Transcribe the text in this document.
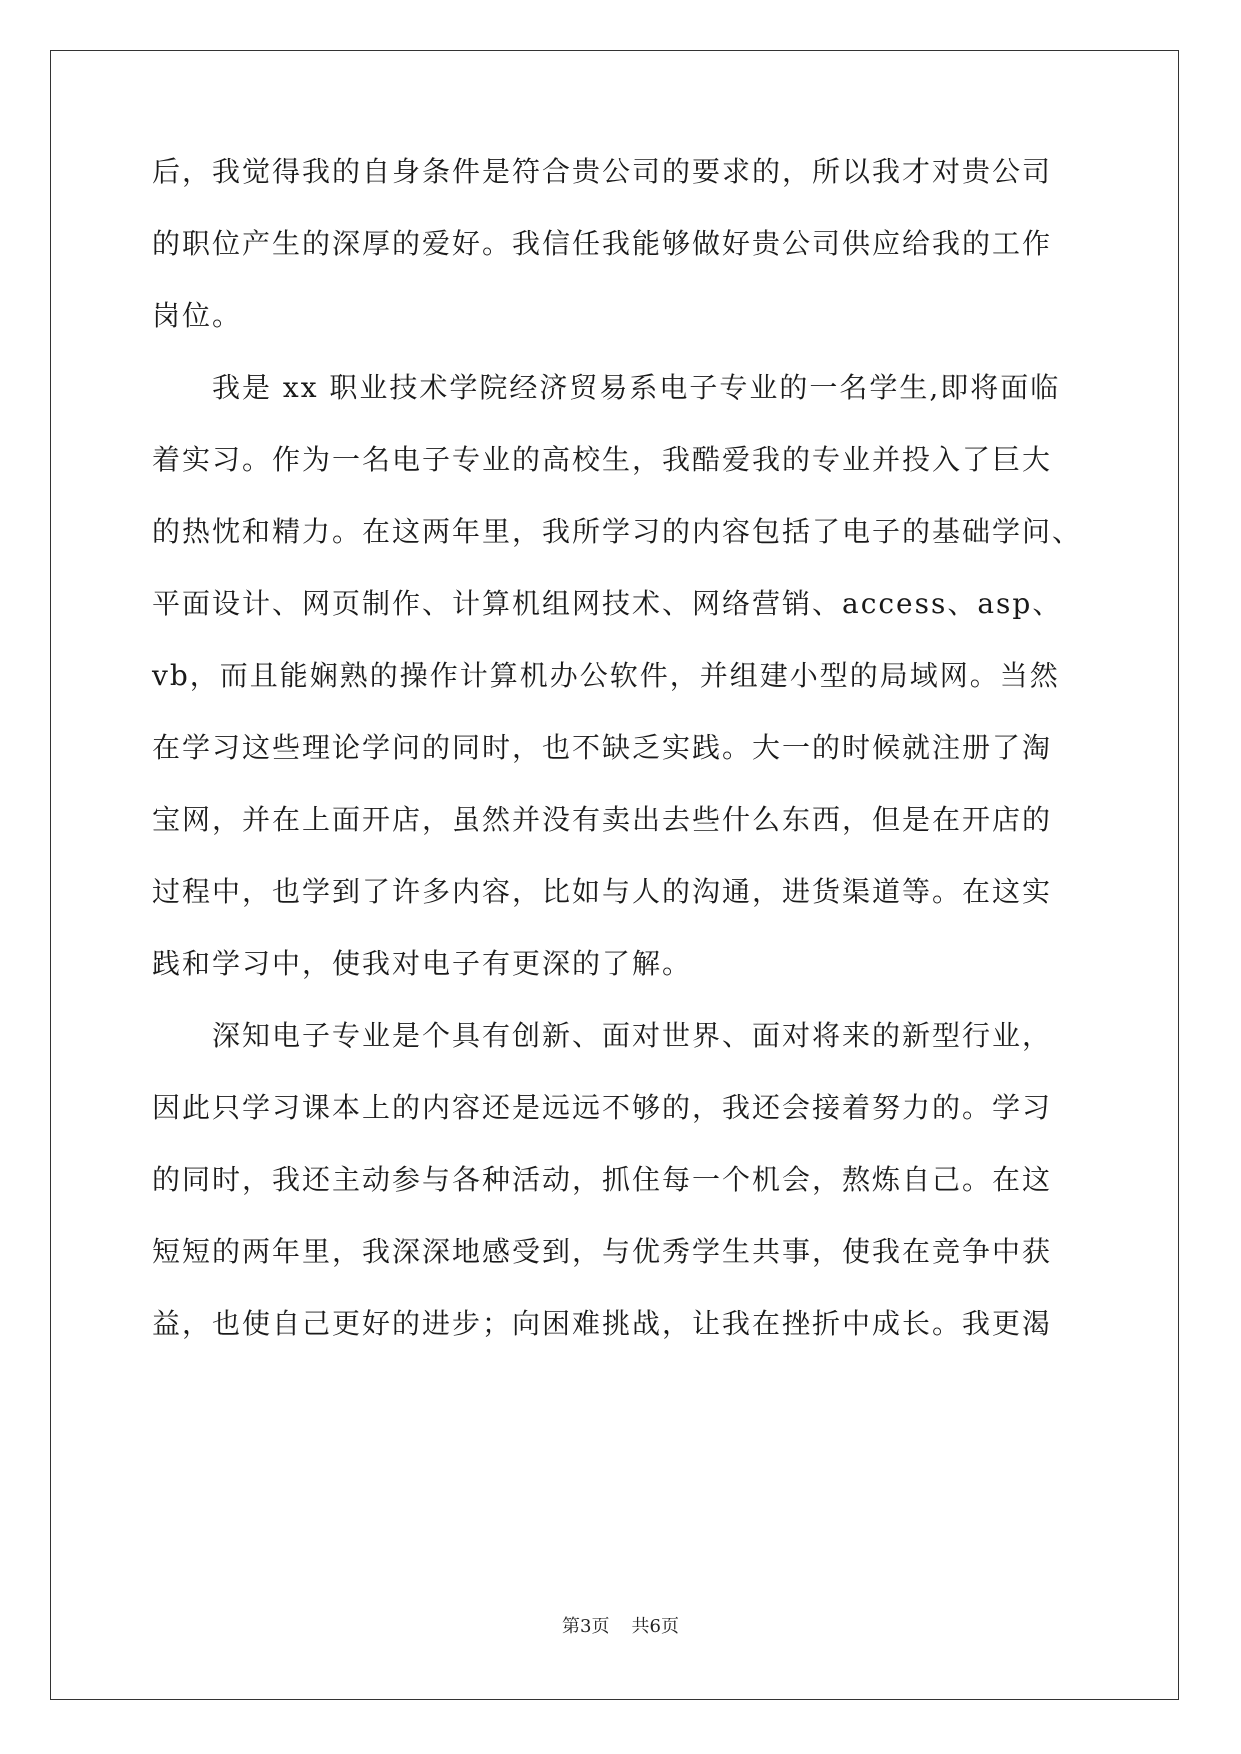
后，我觉得我的自身条件是符合贵公司的要求的，所以我才对贵公司
的职位产生的深厚的爱好。我信任我能够做好贵公司供应给我的工作
岗位。
　　我是 xx 职业技术学院经济贸易系电子专业的一名学生,即将面临
着实习。作为一名电子专业的高校生，我酷爱我的专业并投入了巨大
的热忱和精力。在这两年里，我所学习的内容包括了电子的基础学问、
平面设计、网页制作、计算机组网技术、网络营销、access、asp、
vb，而且能娴熟的操作计算机办公软件，并组建小型的局域网。当然
在学习这些理论学问的同时，也不缺乏实践。大一的时候就注册了淘
宝网，并在上面开店，虽然并没有卖出去些什么东西，但是在开店的
过程中，也学到了许多内容，比如与人的沟通，进货渠道等。在这实
践和学习中，使我对电子有更深的了解。
　　深知电子专业是个具有创新、面对世界、面对将来的新型行业，
因此只学习课本上的内容还是远远不够的，我还会接着努力的。学习
的同时，我还主动参与各种活动，抓住每一个机会，熬炼自己。在这
短短的两年里，我深深地感受到，与优秀学生共事，使我在竞争中获
益，也使自己更好的进步；向困难挑战，让我在挫折中成长。我更渴
第3页 共6页
